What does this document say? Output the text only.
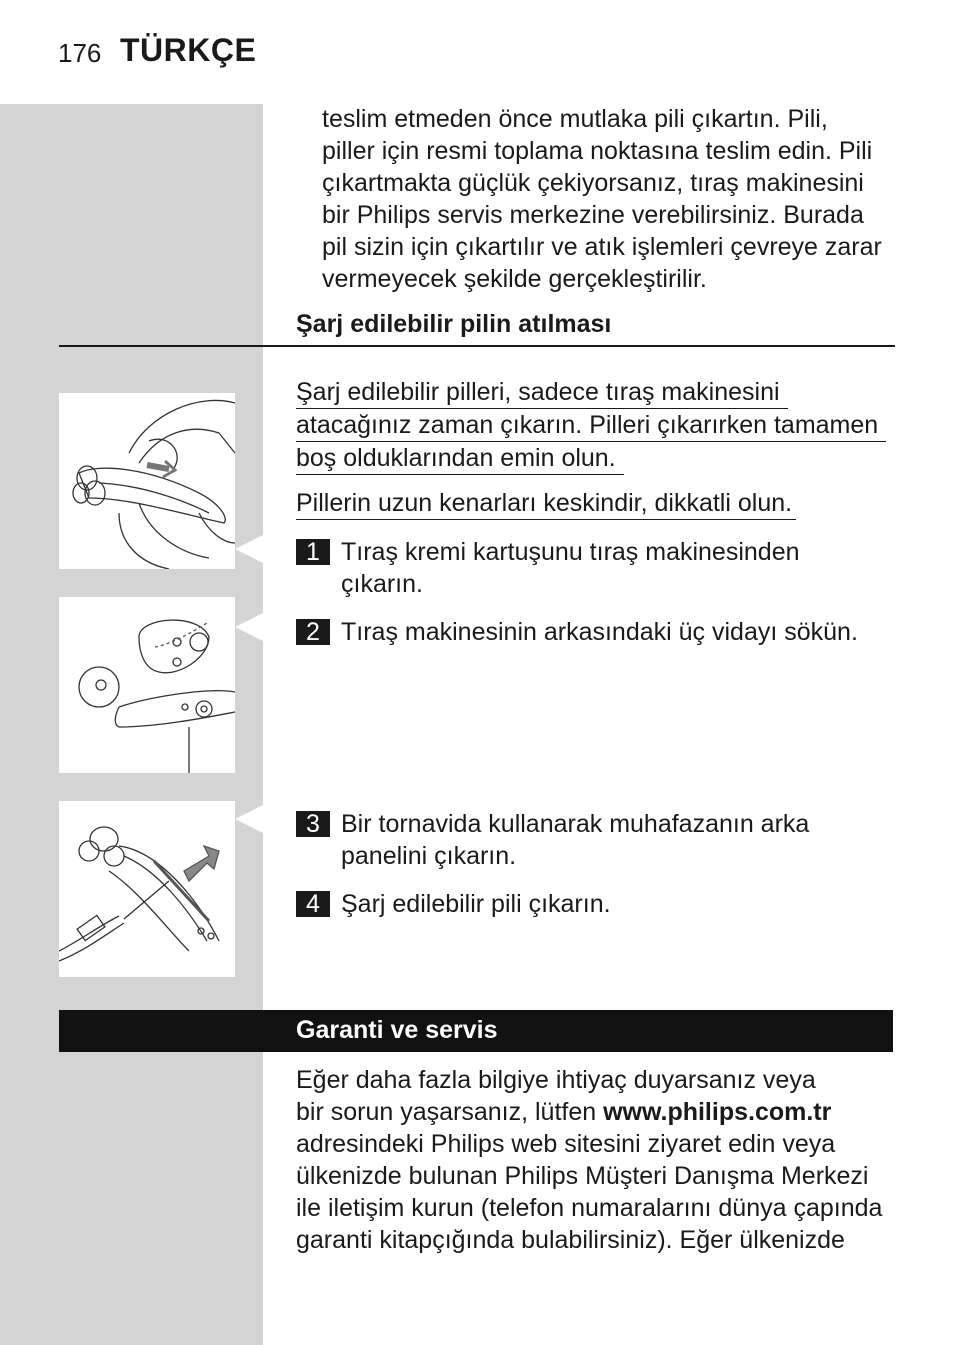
176 TÜRKÇE
teslim etmeden önce mutlaka pili çıkartın. Pili,
piller için resmi toplama noktasına teslim edin. Pili
çıkartmakta güçlük çekiyorsanız, tıraş makinesini
bir Philips servis merkezine verebilirsiniz. Burada
pil sizin için çıkartılır ve atık işlemleri çevreye zarar
vermeyecek şekilde gerçekleştirilir.
Şarj edilebilir pilin atılması
Şarj edilebilir pilleri, sadece tıraş makinesini
atacağınız zaman çıkarın. Pilleri çıkarırken tamamen
boş olduklarından emin olun.
Pillerin uzun kenarları keskindir, dikkatli olun.
1 Tıraş kremi kartuşunu tıraş makinesinden
çıkarın.
2 Tıraş makinesinin arkasındaki üç vidayı sökün.
3 Bir tornavida kullanarak muhafazanın arka
panelini çıkarın.
4 Şarj edilebilir pili çıkarın.
Garanti ve servis
Eğer daha fazla bilgiye ihtiyaç duyarsanız veya
bir sorun yaşarsanız, lütfen www.philips.com.tr
adresindeki Philips web sitesini ziyaret edin veya
ülkenizde bulunan Philips Müşteri Danışma Merkezi
ile iletişim kurun (telefon numaralarını dünya çapında
garanti kitapçığında bulabilirsiniz). Eğer ülkenizde
